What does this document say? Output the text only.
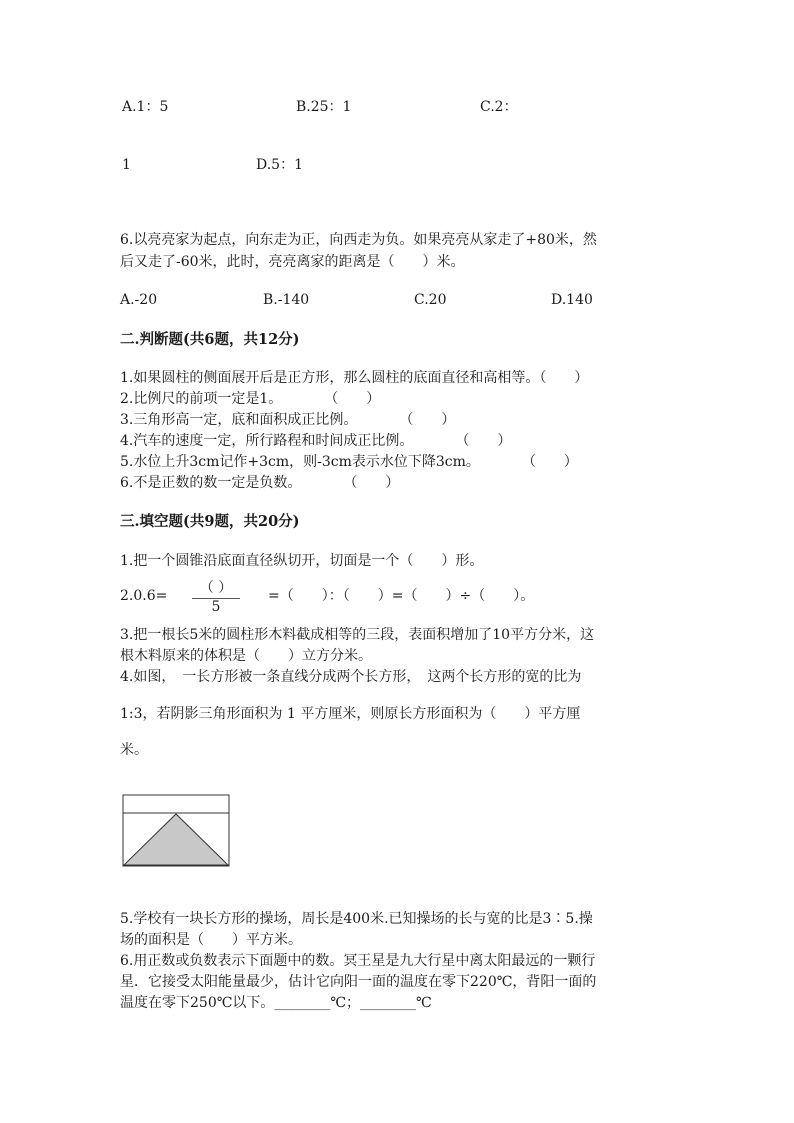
A.1：5	B.25：1	C.2：
1	D.5：1
6.以亮亮家为起点，向东走为正，向西走为负。如果亮亮从家走了+80米，然
后又走了-60米，此时，亮亮离家的距离是（　　）米。
A.-20	B.-140	C.20	D.140
二.判断题(共6题，共12分)
1.如果圆柱的侧面展开后是正方形，那么圆柱的底面直径和高相等。（　　）
2.比例尺的前项一定是1。　　　　（　　）
3.三角形高一定，底和面积成正比例。　　　　（　　）
4.汽车的速度一定，所行路程和时间成正比例。　　　　（　　）
5.水位上升3cm记作+3cm，则-3cm表示水位下降3cm。　　　　（　　）
6.不是正数的数一定是负数。　　　　（　　）
三.填空题(共9题，共20分)
1.把一个圆锥沿底面直径纵切开，切面是一个（　　）形。
2.0.6=	（ ）
5
=（　　）：（　　）=（　　）÷（　　）。
3.把一根长5米的圆柱形木料截成相等的三段，表面积增加了10平方分米，这
根木料原来的体积是（　　）立方分米。
4.如图，　一长方形被一条直线分成两个长方形，　这两个长方形的宽的比为
1:3，若阴影三角形面积为 1 平方厘米，则原长方形面积为（　　）平方厘
米。
5.学校有一块长方形的操场，周长是400米.已知操场的长与宽的比是3∶5.操
场的面积是（　　）平方米。
6.用正数或负数表示下面题中的数。冥王星是九大行星中离太阳最远的一颗行
星．它接受太阳能量最少，估计它向阳一面的温度在零下220℃，背阳一面的
温度在零下250℃以下。________℃；________℃
